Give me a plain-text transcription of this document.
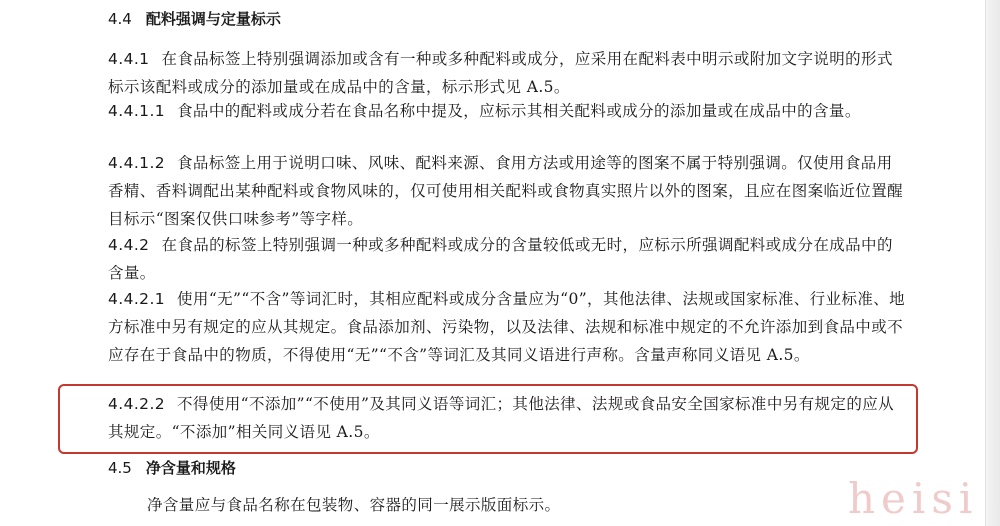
4.4 配料强调与定量标示
4.4.1 在食品标签上特别强调添加或含有一种或多种配料或成分，应采用在配料表中明示或附加文字说明的形式标示该配料或成分的添加量或在成品中的含量，标示形式见 A.5。
4.4.1.1 食品中的配料或成分若在食品名称中提及，应标示其相关配料或成分的添加量或在成品中的含量。
4.4.1.2 食品标签上用于说明口味、风味、配料来源、食用方法或用途等的图案不属于特别强调。仅使用食品用香精、香料调配出某种配料或食物风味的，仅可使用相关配料或食物真实照片以外的图案，且应在图案临近位置醒目标示“图案仅供口味参考”等字样。
4.4.2 在食品的标签上特别强调一种或多种配料或成分的含量较低或无时，应标示所强调配料或成分在成品中的含量。
4.4.2.1 使用“无”“不含”等词汇时，其相应配料或成分含量应为“0”，其他法律、法规或国家标准、行业标准、地方标准中另有规定的应从其规定。食品添加剂、污染物，以及法律、法规和标准中规定的不允许添加到食品中或不应存在于食品中的物质，不得使用“无”“不含”等词汇及其同义语进行声称。含量声称同义语见 A.5。
4.4.2.2 不得使用“不添加”“不使用”及其同义语等词汇；其他法律、法规或食品安全国家标准中另有规定的应从其规定。“不添加”相关同义语见 A.5。
4.5 净含量和规格
净含量应与食品名称在包装物、容器的同一展示版面标示。	heisi
